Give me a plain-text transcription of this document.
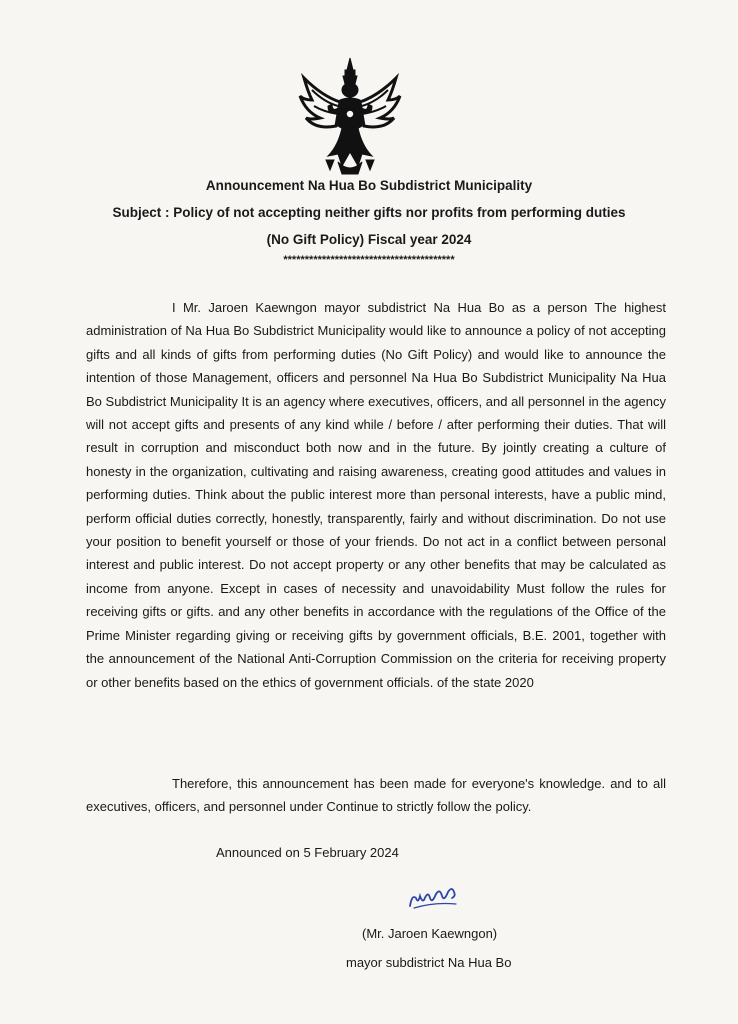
Announcement Na Hua Bo Subdistrict Municipality
Subject : Policy of not accepting neither gifts nor profits from performing duties
(No Gift Policy) Fiscal year 2024
****************************************

I Mr. Jaroen Kaewngon mayor subdistrict Na Hua Bo as a person The highest administration of Na Hua Bo Subdistrict Municipality would like to announce a policy of not accepting gifts and all kinds of gifts from performing duties (No Gift Policy) and would like to announce the intention of those Management, officers and personnel Na Hua Bo Subdistrict Municipality Na Hua Bo Subdistrict Municipality It is an agency where executives, officers, and all personnel in the agency will not accept gifts and presents of any kind while / before / after performing their duties. That will result in corruption and misconduct both now and in the future. By jointly creating a culture of honesty in the organization, cultivating and raising awareness, creating good attitudes and values in performing duties. Think about the public interest more than personal interests, have a public mind, perform official duties correctly, honestly, transparently, fairly and without discrimination. Do not use your position to benefit yourself or those of your friends. Do not act in a conflict between personal interest and public interest. Do not accept property or any other benefits that may be calculated as income from anyone. Except in cases of necessity and unavoidability Must follow the rules for receiving gifts or gifts. and any other benefits in accordance with the regulations of the Office of the Prime Minister regarding giving or receiving gifts by government officials, B.E. 2001, together with the announcement of the National Anti-Corruption Commission on the criteria for receiving property or other benefits based on the ethics of government officials. of the state 2020

Therefore, this announcement has been made for everyone's knowledge. and to all executives, officers, and personnel under Continue to strictly follow the policy.

Announced on 5 February 2024
(Mr. Jaroen Kaewngon)
mayor subdistrict Na Hua Bo
